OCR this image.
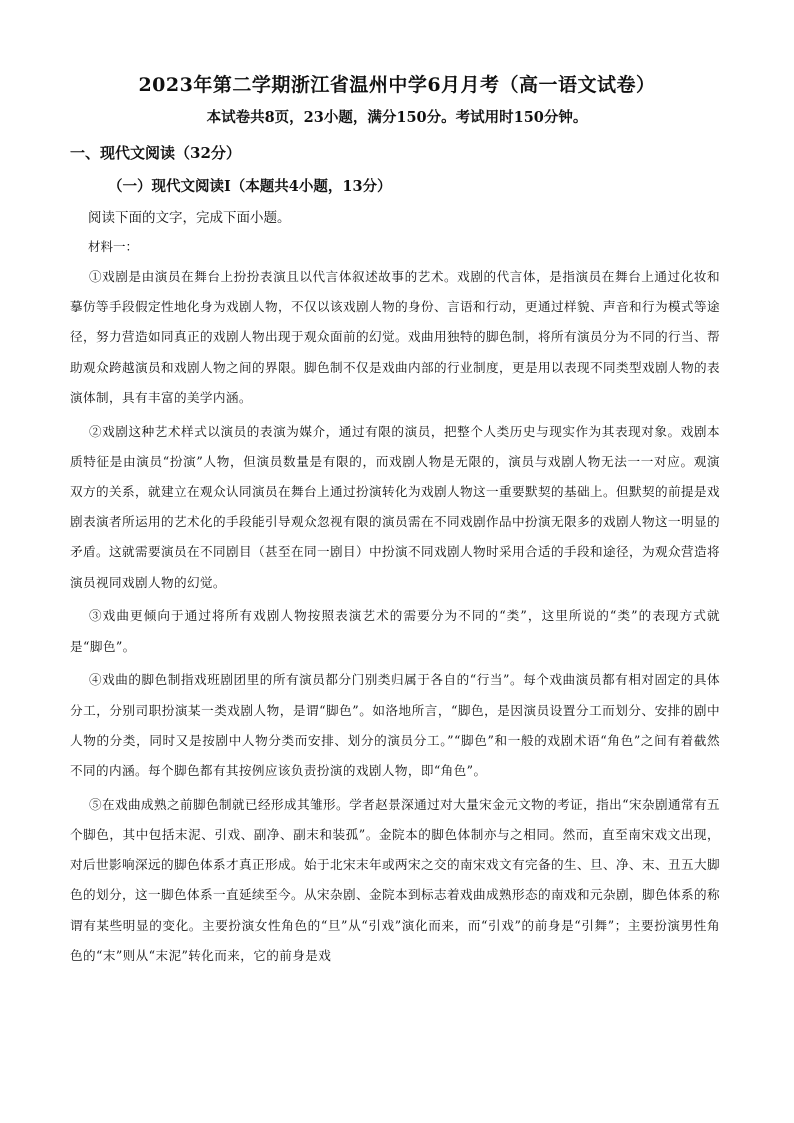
2023年第二学期浙江省温州中学6月月考（高一语文试卷）
本试卷共8页，23小题，满分150分。考试用时150分钟。
一、现代文阅读（32分）
（一）现代文阅读Ⅰ（本题共4小题，13分）
阅读下面的文字，完成下面小题。
材料一：

①戏剧是由演员在舞台上扮扮表演且以代言体叙述故事的艺术。戏剧的代言体，是指演员在舞台上通过化妆和摹仿等手段假定性地化身为戏剧人物，不仅以该戏剧人物的身份、言语和行动，更通过样貌、声音和行为模式等途径，努力营造如同真正的戏剧人物出现于观众面前的幻觉。戏曲用独特的脚色制，将所有演员分为不同的行当、帮助观众跨越演员和戏剧人物之间的界限。脚色制不仅是戏曲内部的行业制度，更是用以表现不同类型戏剧人物的表演体制，具有丰富的美学内涵。

②戏剧这种艺术样式以演员的表演为媒介，通过有限的演员，把整个人类历史与现实作为其表现对象。戏剧本质特征是由演员“扮演”人物，但演员数量是有限的，而戏剧人物是无限的，演员与戏剧人物无法一一对应。观演双方的关系，就建立在观众认同演员在舞台上通过扮演转化为戏剧人物这一重要默契的基础上。但默契的前提是戏剧表演者所运用的艺术化的手段能引导观众忽视有限的演员需在不同戏剧作品中扮演无限多的戏剧人物这一明显的矛盾。这就需要演员在不同剧目（甚至在同一剧目）中扮演不同戏剧人物时采用合适的手段和途径，为观众营造将演员视同戏剧人物的幻觉。

③戏曲更倾向于通过将所有戏剧人物按照表演艺术的需要分为不同的“类”，这里所说的“类”的表现方式就是“脚色”。

④戏曲的脚色制指戏班剧团里的所有演员都分门别类归属于各自的“行当”。每个戏曲演员都有相对固定的具体分工，分别司职扮演某一类戏剧人物，是谓“脚色”。如洛地所言，“脚色，是因演员设置分工而划分、安排的剧中人物的分类，同时又是按剧中人物分类而安排、划分的演员分工。”“脚色”和一般的戏剧术语“角色”之间有着截然不同的内涵。每个脚色都有其按例应该负责扮演的戏剧人物，即“角色”。

⑤在戏曲成熟之前脚色制就已经形成其雏形。学者赵景深通过对大量宋金元文物的考证，指出“宋杂剧通常有五个脚色，其中包括末泥、引戏、副净、副末和装孤”。金院本的脚色体制亦与之相同。然而，直至南宋戏文出现，对后世影响深远的脚色体系才真正形成。始于北宋末年或两宋之交的南宋戏文有完备的生、旦、净、末、丑五大脚色的划分，这一脚色体系一直延续至今。从宋杂剧、金院本到标志着戏曲成熟形态的南戏和元杂剧，脚色体系的称谓有某些明显的变化。主要扮演女性角色的“旦”从“引戏”演化而来，而“引戏”的前身是“引舞”；主要扮演男性角色的“末”则从“末泥”转化而来，它的前身是戏
